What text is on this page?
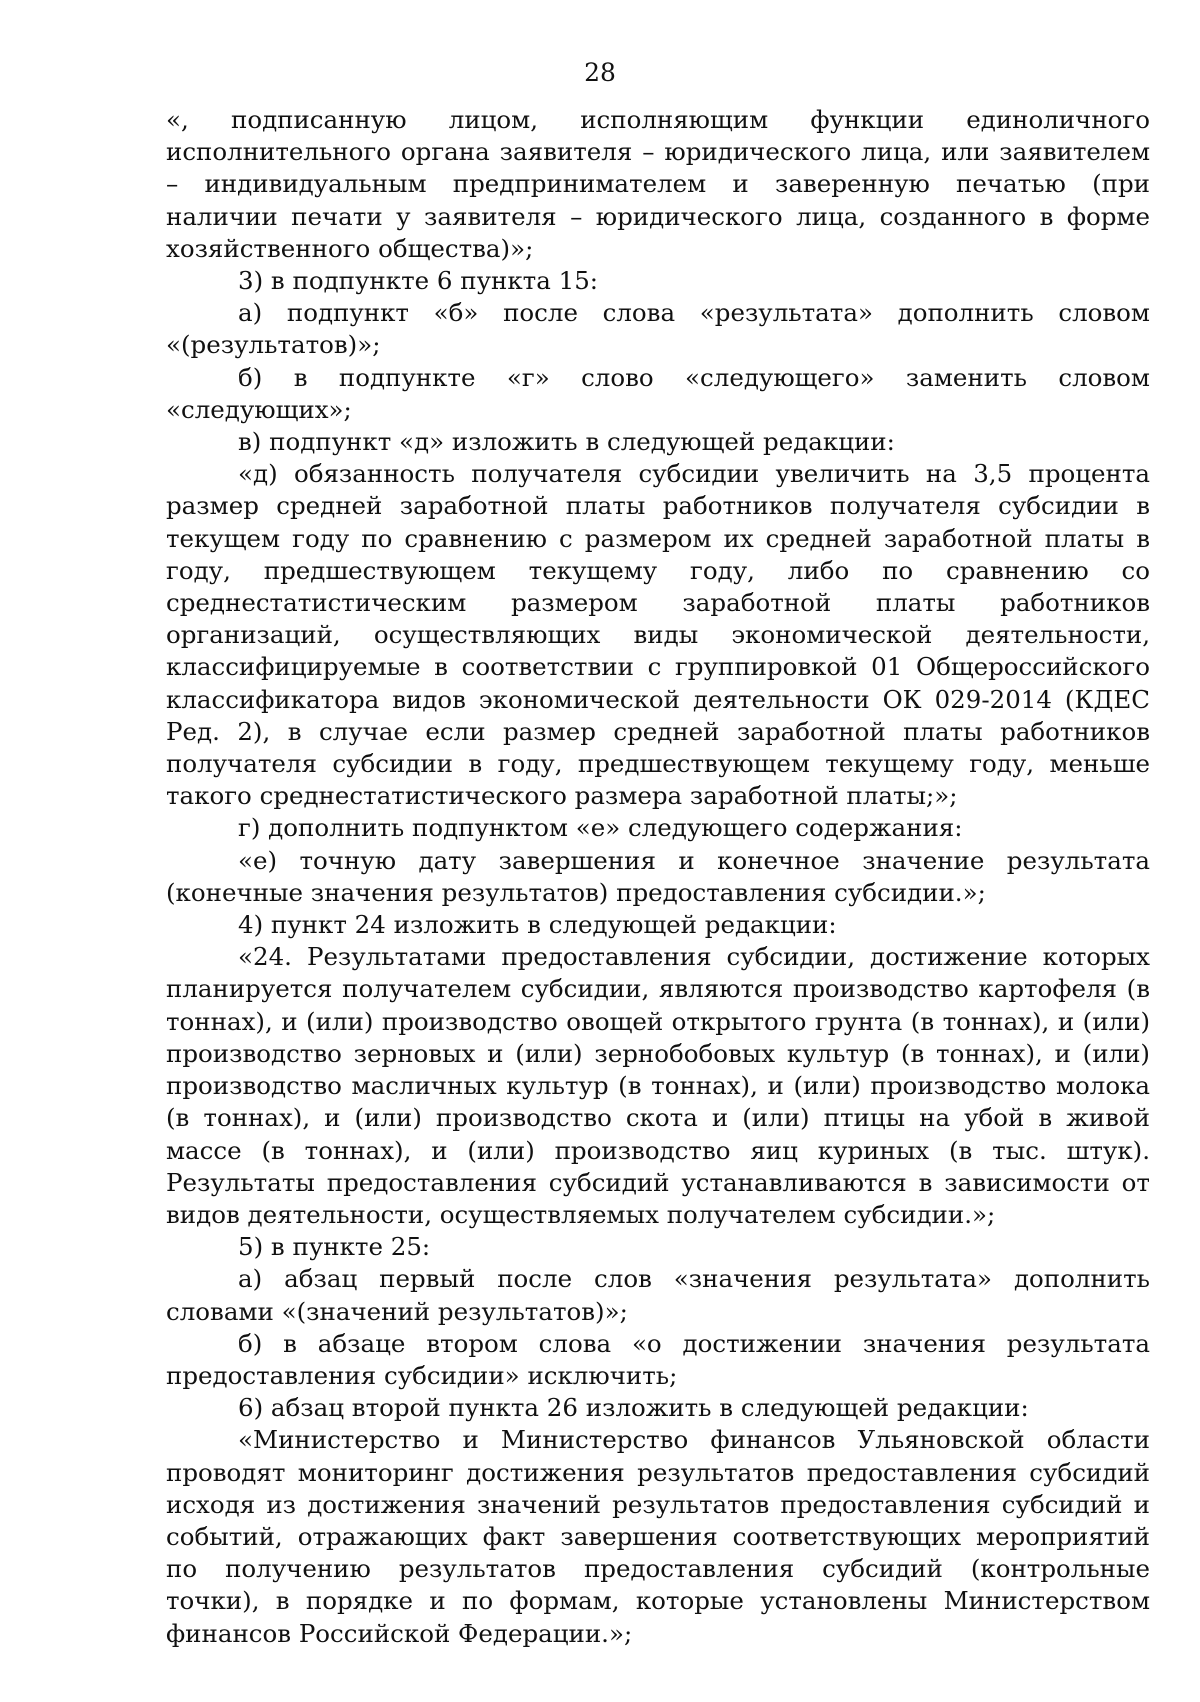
28

«, подписанную лицом, исполняющим функции единоличного исполнительного органа заявителя – юридического лица, или заявителем – индивидуальным предпринимателем и заверенную печатью (при наличии печати у заявителя – юридического лица, созданного в форме хозяйственного общества)»;

3) в подпункте 6 пункта 15:

а) подпункт «б» после слова «результата» дополнить словом «(результатов)»;

б) в подпункте «г» слово «следующего» заменить словом «следующих»;

в) подпункт «д» изложить в следующей редакции:

«д) обязанность получателя субсидии увеличить на 3,5 процента размер средней заработной платы работников получателя субсидии в текущем году по сравнению с размером их средней заработной платы в году, предшествующем текущему году, либо по сравнению со среднестатистическим размером заработной платы работников организаций, осуществляющих виды экономической деятельности, классифицируемые в соответствии с группировкой 01 Общероссийского классификатора видов экономической деятельности ОК 029-2014 (КДЕС Ред. 2), в случае если размер средней заработной платы работников получателя субсидии в году, предшествующем текущему году, меньше такого среднестатистического размера заработной платы;»;

г) дополнить подпунктом «е» следующего содержания:

«е) точную дату завершения и конечное значение результата (конечные значения результатов) предоставления субсидии.»;

4) пункт 24 изложить в следующей редакции:

«24. Результатами предоставления субсидии, достижение которых планируется получателем субсидии, являются производство картофеля (в тоннах), и (или) производство овощей открытого грунта (в тоннах), и (или) производство зерновых и (или) зернобобовых культур (в тоннах), и (или) производство масличных культур (в тоннах), и (или) производство молока (в тоннах), и (или) производство скота и (или) птицы на убой в живой массе (в тоннах), и (или) производство яиц куриных (в тыс. штук). Результаты предоставления субсидий устанавливаются в зависимости от видов деятельности, осуществляемых получателем субсидии.»;

5) в пункте 25:

а) абзац первый после слов «значения результата» дополнить словами «(значений результатов)»;

б) в абзаце втором слова «о достижении значения результата предоставления субсидии» исключить;

6) абзац второй пункта 26 изложить в следующей редакции:

«Министерство и Министерство финансов Ульяновской области проводят мониторинг достижения результатов предоставления субсидий исходя из достижения значений результатов предоставления субсидий и событий, отражающих факт завершения соответствующих мероприятий по получению результатов предоставления субсидий (контрольные точки), в порядке и по формам, которые установлены Министерством финансов Российской Федерации.»;
